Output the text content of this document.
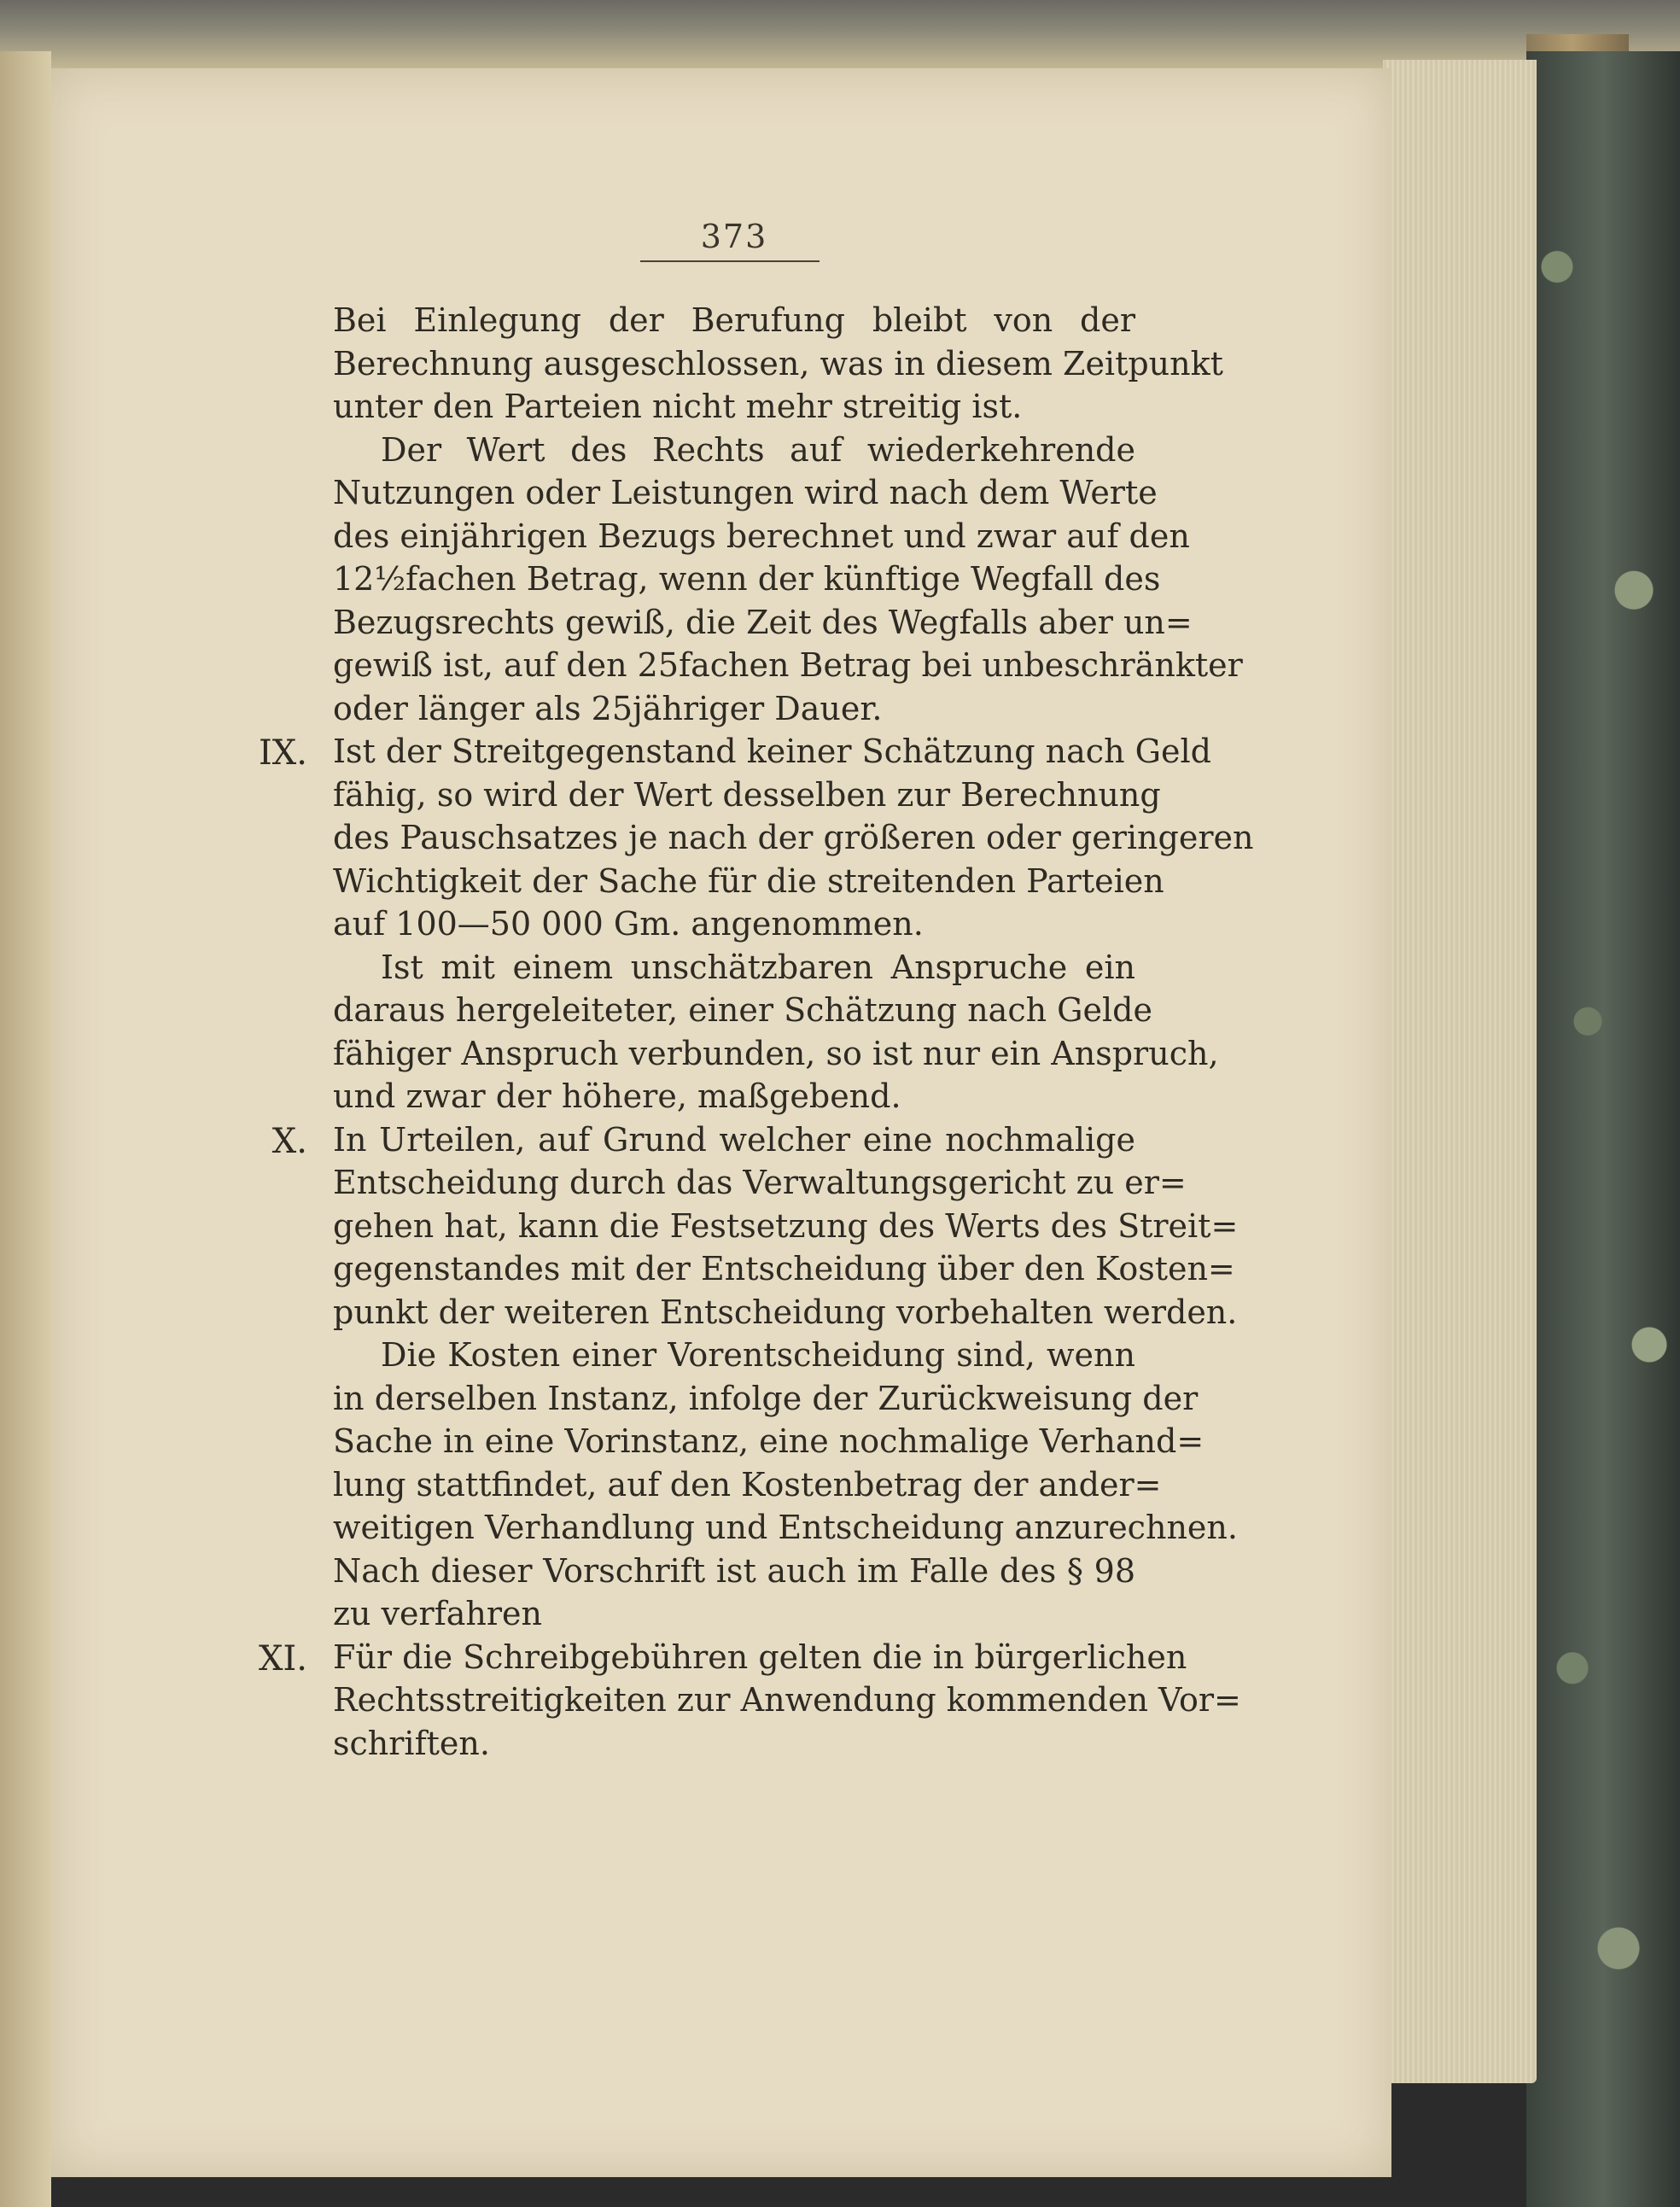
373
Bei Einlegung der Berufung bleibt von der
Berechnung ausgeschlossen, was in diesem Zeitpunkt
unter den Parteien nicht mehr streitig ist.
Der Wert des Rechts auf wiederkehrende
Nutzungen oder Leistungen wird nach dem Werte
des einjährigen Bezugs berechnet und zwar auf den
12½fachen Betrag, wenn der künftige Wegfall des
Bezugsrechts gewiß, die Zeit des Wegfalls aber un=
gewiß ist, auf den 25fachen Betrag bei unbeschränkter
oder länger als 25jähriger Dauer.
Ist der Streitgegenstand keiner Schätzung nach Geld
fähig, so wird der Wert desselben zur Berechnung
des Pauschsatzes je nach der größeren oder geringeren
Wichtigkeit der Sache für die streitenden Parteien
auf 100—50 000 Gm. angenommen.
Ist mit einem unschätzbaren Anspruche ein
daraus hergeleiteter, einer Schätzung nach Gelde
fähiger Anspruch verbunden, so ist nur ein Anspruch,
und zwar der höhere, maßgebend.
In Urteilen, auf Grund welcher eine nochmalige
Entscheidung durch das Verwaltungsgericht zu er=
gehen hat, kann die Festsetzung des Werts des Streit=
gegenstandes mit der Entscheidung über den Kosten=
punkt der weiteren Entscheidung vorbehalten werden.
Die Kosten einer Vorentscheidung sind, wenn
in derselben Instanz, infolge der Zurückweisung der
Sache in eine Vorinstanz, eine nochmalige Verhand=
lung stattfindet, auf den Kostenbetrag der ander=
weitigen Verhandlung und Entscheidung anzurechnen.
Nach dieser Vorschrift ist auch im Falle des § 98
zu verfahren
Für die Schreibgebühren gelten die in bürgerlichen
Rechtsstreitigkeiten zur Anwendung kommenden Vor=
schriften.
IX.
X.
XI.
